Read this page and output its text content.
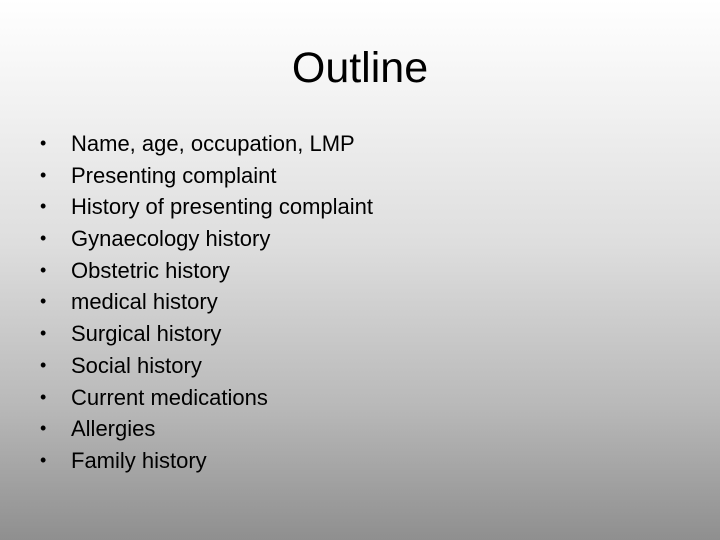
Outline
• Name, age, occupation, LMP
• Presenting complaint
• History of presenting complaint
• Gynaecology history
• Obstetric history
• medical history
• Surgical history
• Social history
• Current medications
• Allergies
• Family history
